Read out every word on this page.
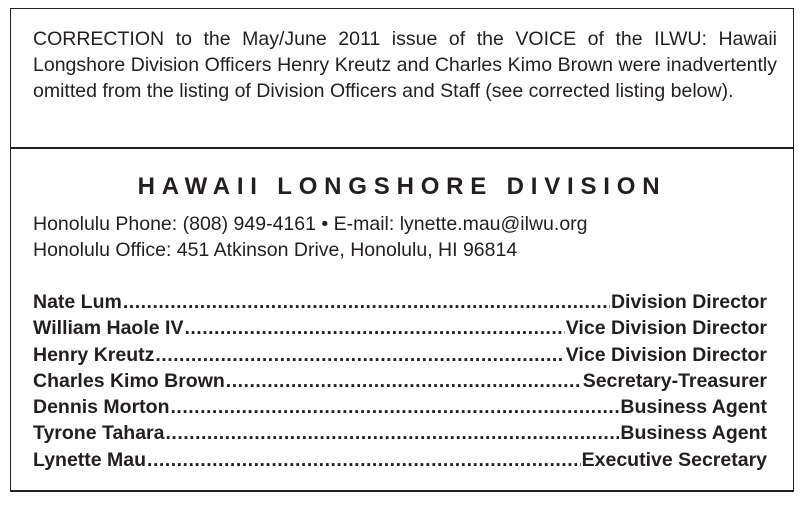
CORRECTION to the May/June 2011 issue of the VOICE of the ILWU: Hawaii Longshore Division Officers Henry Kreutz and Charles Kimo Brown were inadvertently omitted from the listing of Division Officers and Staff (see corrected listing below).

HAWAII LONGSHORE DIVISION

Honolulu Phone: (808) 949-4161 • E-mail: lynette.mau@ilwu.org

Honolulu Office: 451 Atkinson Drive, Honolulu, HI 96814

Nate Lum .....	Division Director
William Haole IV .....	Vice Division Director
Henry Kreutz .....	Vice Division Director
Charles Kimo Brown .....	Secretary-Treasurer
Dennis Morton .....	Business Agent
Tyrone Tahara .....	Business Agent
Lynette Mau .....	Executive Secretary
